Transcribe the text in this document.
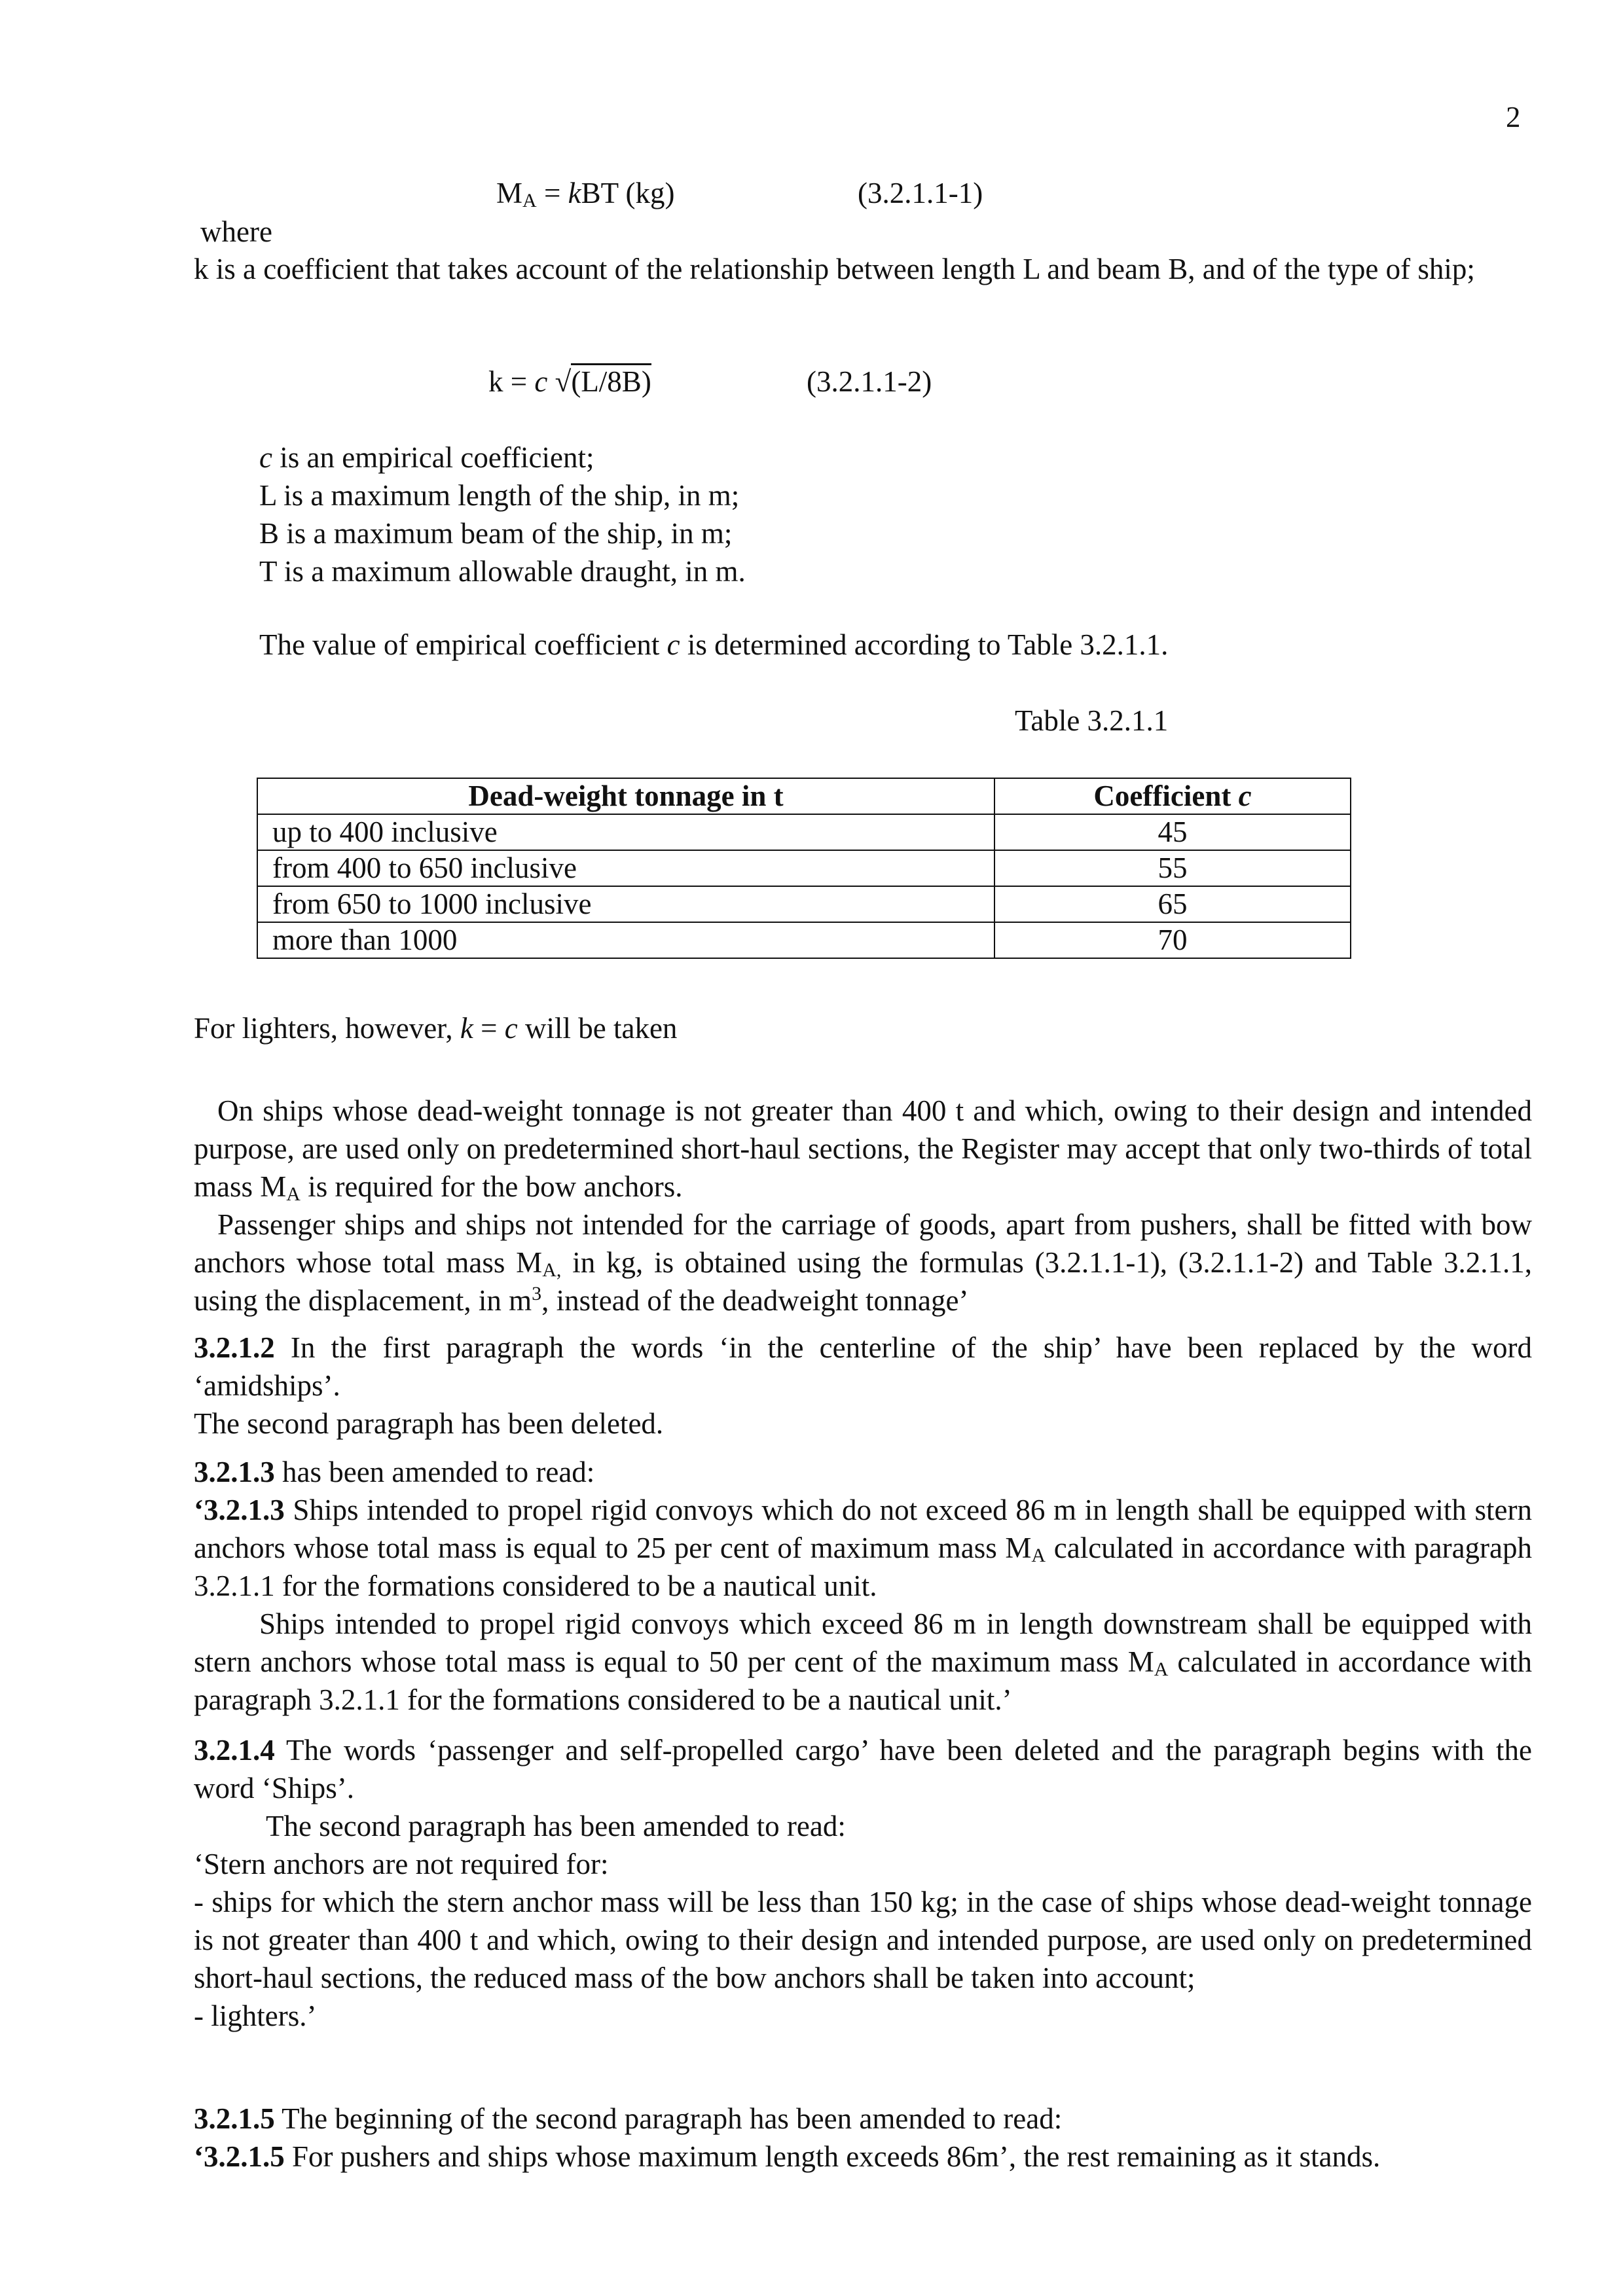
2
$M_A$ = kBT (kg)	(3.2.1.1-1)
where

k is a coefficient that takes account of the relationship between length L and beam B, and of the type of ship;

k = c √(L/8B)	(3.2.1.1-2)
c is an empirical coefficient;
L is a maximum length of the ship, in m;
B is a maximum beam of the ship, in m;
T is a maximum allowable draught, in m.
The value of empirical coefficient c is determined according to Table 3.2.1.1.
Table 3.2.1.1
Dead-weight tonnage in t	Coefficient c
up to 400 inclusive	45
from 400 to 650 inclusive	55
from 650 to 1000 inclusive	65
more than 1000	70
For lighters, however, k = c will be taken

On ships whose dead-weight tonnage is not greater than 400 t and which, owing to their design and intended purpose, are used only on predetermined short-haul sections, the Register may accept that only two-thirds of total mass $M_A$ is required for the bow anchors.

Passenger ships and ships not intended for the carriage of goods, apart from pushers, shall be fitted with bow anchors whose total mass $M_{A,}$ in kg, is obtained using the formulas (3.2.1.1-1), (3.2.1.1-2) and Table 3.2.1.1, using the displacement, in $m^3$, instead of the deadweight tonnage’

3.2.1.2 In the first paragraph the words ‘in the centerline of the ship’ have been replaced by the word ‘amidships’.

The second paragraph has been deleted.

3.2.1.3 has been amended to read:

‘3.2.1.3 Ships intended to propel rigid convoys which do not exceed 86 m in length shall be equipped with stern anchors whose total mass is equal to 25 per cent of maximum mass $M_A$ calculated in accordance with paragraph 3.2.1.1 for the formations considered to be a nautical unit.

Ships intended to propel rigid convoys which exceed 86 m in length downstream shall be equipped with stern anchors whose total mass is equal to 50 per cent of the maximum mass $M_A$ calculated in accordance with paragraph 3.2.1.1 for the formations considered to be a nautical unit.’

3.2.1.4 The words ‘passenger and self-propelled cargo’ have been deleted and the paragraph begins with the word ‘Ships’.

The second paragraph has been amended to read:

‘Stern anchors are not required for:

- ships for which the stern anchor mass will be less than 150 kg; in the case of ships whose dead-weight tonnage is not greater than 400 t and which, owing to their design and intended purpose, are used only on predetermined short-haul sections, the reduced mass of the bow anchors shall be taken into account;

- lighters.’

3.2.1.5 The beginning of the second paragraph has been amended to read:

‘3.2.1.5 For pushers and ships whose maximum length exceeds 86m’, the rest remaining as it stands.
